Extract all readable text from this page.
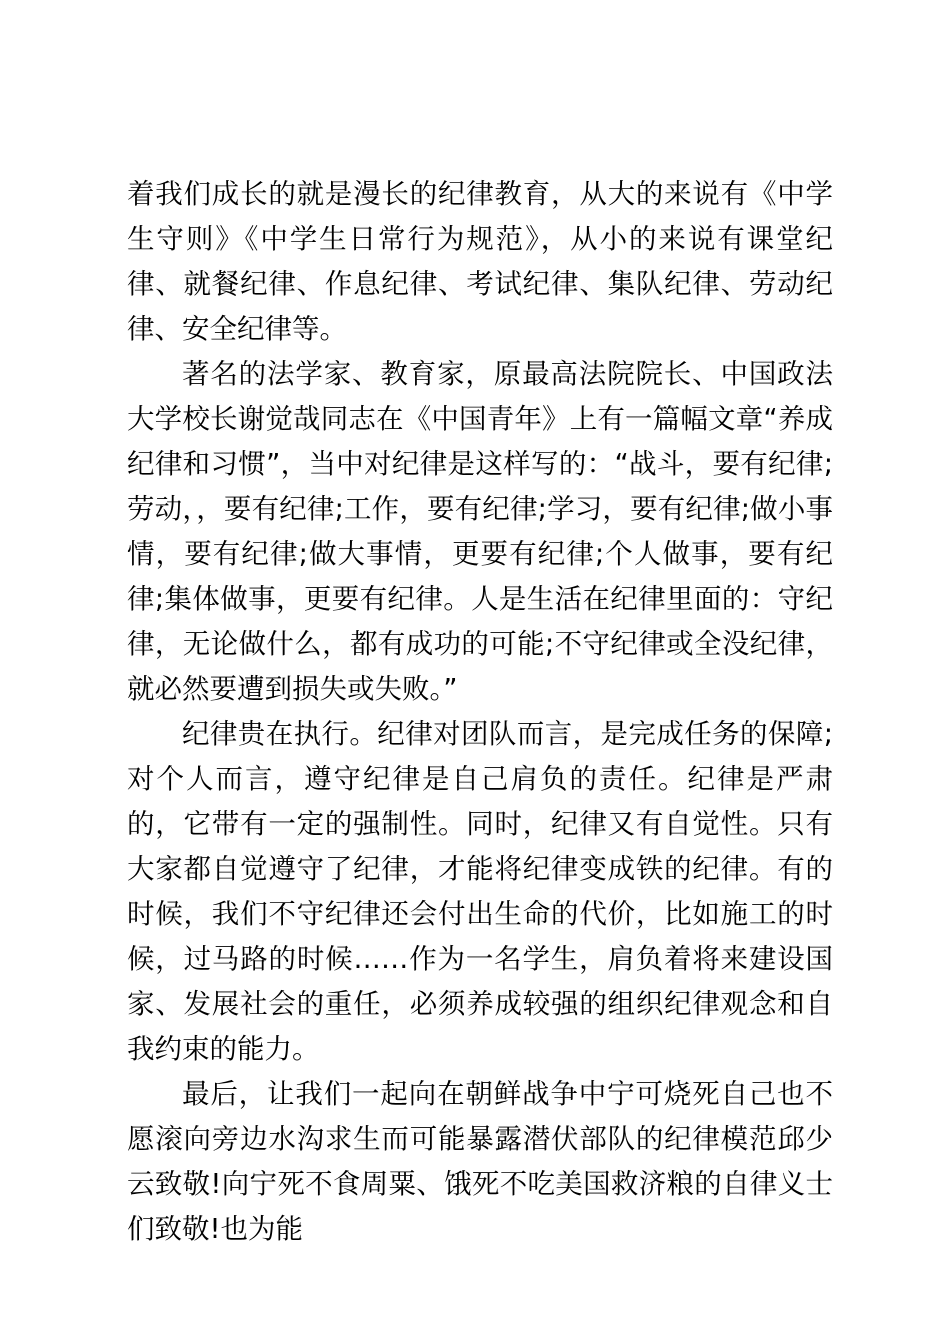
着我们成长的就是漫长的纪律教育，从大的来说有《中学生守则》《中学生日常行为规范》，从小的来说有课堂纪律、就餐纪律、作息纪律、考试纪律、集队纪律、劳动纪律、安全纪律等。

著名的法学家、教育家，原最高法院院长、中国政法大学校长谢觉哉同志在《中国青年》上有一篇幅文章“养成纪律和习惯”，当中对纪律是这样写的：“战斗，要有纪律;劳动，，要有纪律;工作，要有纪律;学习，要有纪律;做小事情，要有纪律;做大事情，更要有纪律;个人做事，要有纪律;集体做事，更要有纪律。人是生活在纪律里面的：守纪律，无论做什么，都有成功的可能;不守纪律或全没纪律，就必然要遭到损失或失败。”

纪律贵在执行。纪律对团队而言，是完成任务的保障;对个人而言，遵守纪律是自己肩负的责任。纪律是严肃的，它带有一定的强制性。同时，纪律又有自觉性。只有大家都自觉遵守了纪律，才能将纪律变成铁的纪律。有的时候，我们不守纪律还会付出生命的代价，比如施工的时候，过马路的时候……作为一名学生，肩负着将来建设国家、发展社会的重任，必须养成较强的组织纪律观念和自我约束的能力。

最后，让我们一起向在朝鲜战争中宁可烧死自己也不愿滚向旁边水沟求生而可能暴露潜伏部队的纪律模范邱少云致敬!向宁死不食周粟、饿死不吃美国救济粮的自律义士们致敬!也为能
